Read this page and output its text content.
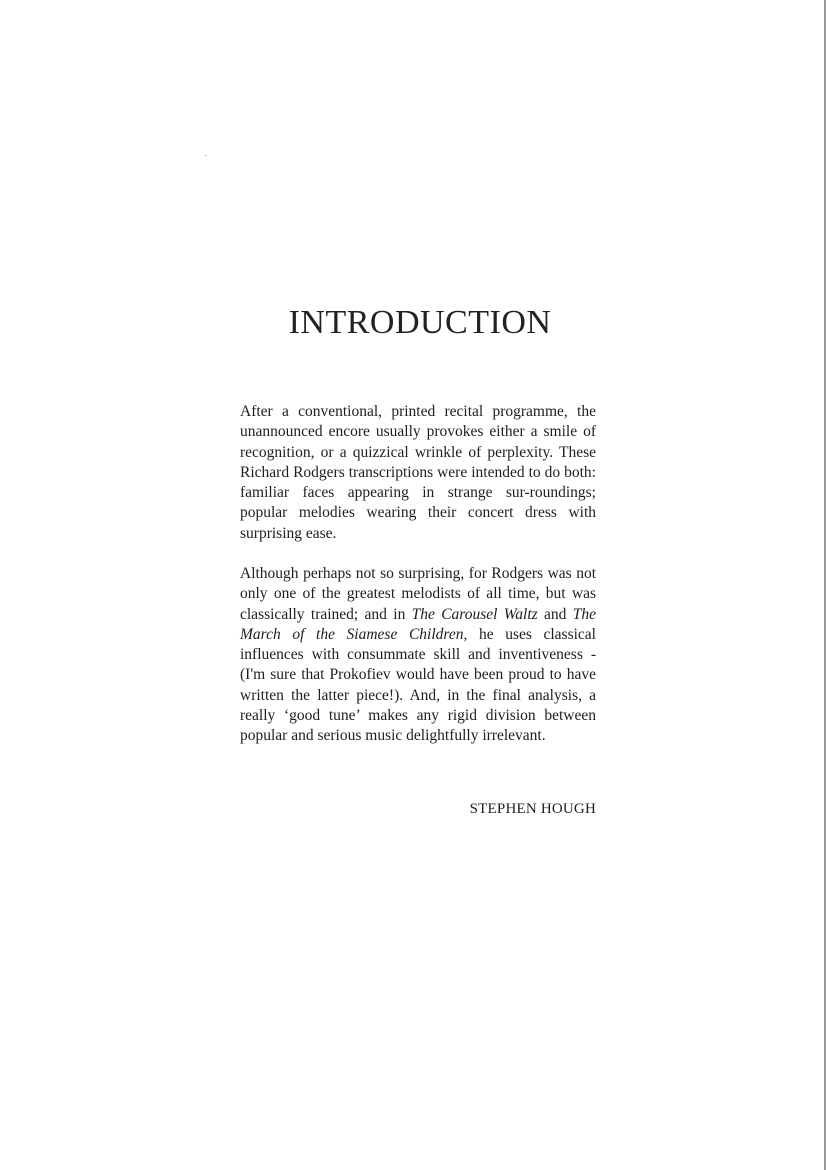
INTRODUCTION

After a conventional, printed recital programme, the unannounced encore usually provokes either a smile of recognition, or a quizzical wrinkle of perplexity. These Richard Rodgers transcriptions were intended to do both: familiar faces appearing in strange sur-roundings; popular melodies wearing their concert dress with surprising ease.

Although perhaps not so surprising, for Rodgers was not only one of the greatest melodists of all time, but was classically trained; and in The Carousel Waltz and The March of the Siamese Children, he uses classical influences with consummate skill and inventiveness - (I'm sure that Prokofiev would have been proud to have written the latter piece!). And, in the final analysis, a really ‘good tune’ makes any rigid division between popular and serious music delightfully irrelevant.

STEPHEN HOUGH
